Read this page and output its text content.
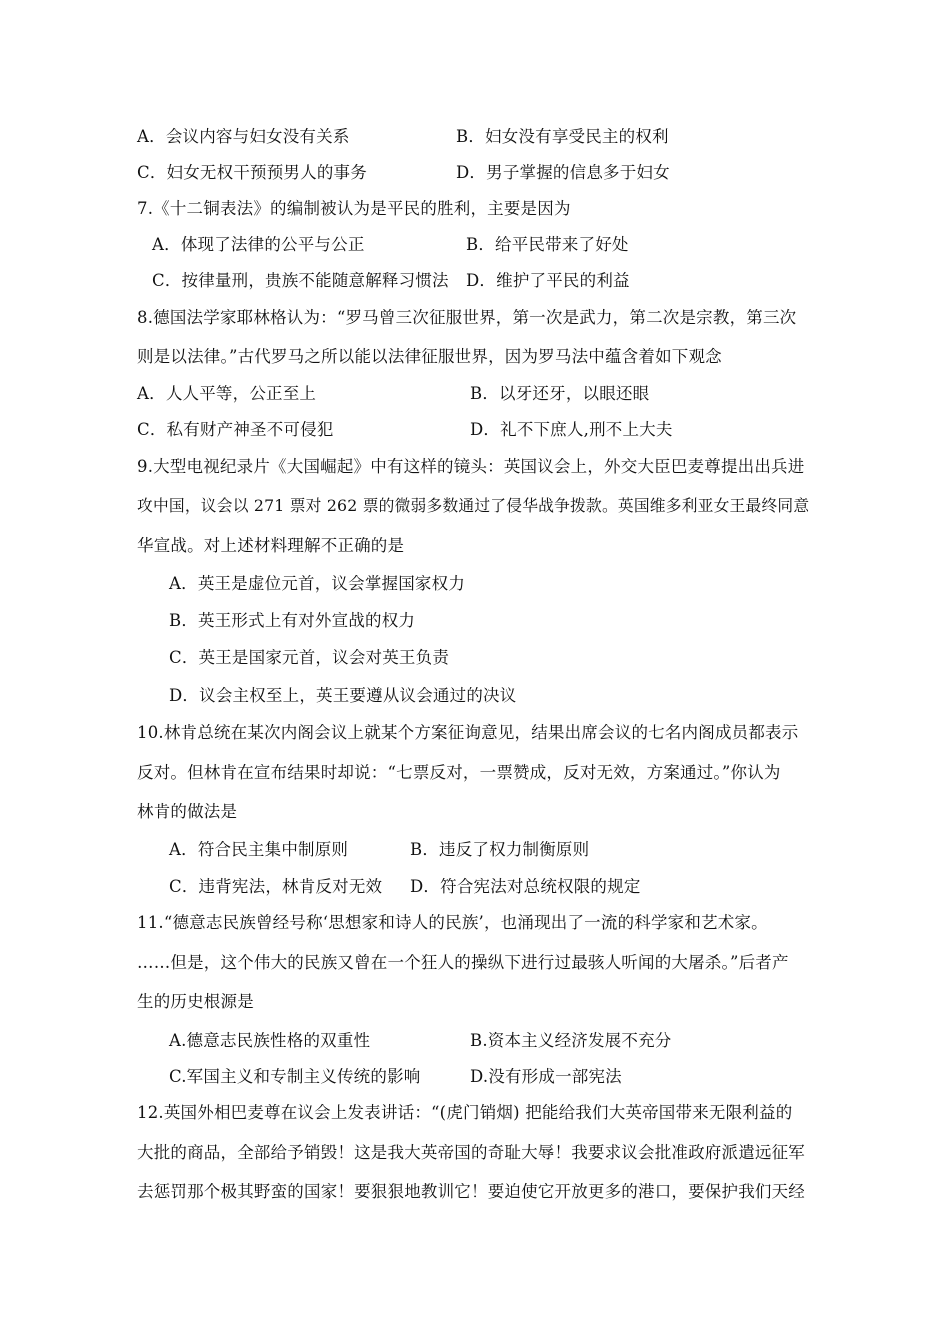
A．会议内容与妇女没有关系	B．妇女没有享受民主的权利
C．妇女无权干预预男人的事务	D．男子掌握的信息多于妇女
7.《十二铜表法》的编制被认为是平民的胜利，主要是因为
A．体现了法律的公平与公正	B．给平民带来了好处
C．按律量刑，贵族不能随意解释习惯法 D．维护了平民的利益
8.德国法学家耶林格认为：“罗马曾三次征服世界，第一次是武力，第二次是宗教，第三次
则是以法律。”古代罗马之所以能以法律征服世界，因为罗马法中蕴含着如下观念
A．人人平等，公正至上	B．以牙还牙，以眼还眼
C．私有财产神圣不可侵犯	D．礼不下庶人,刑不上大夫
9.大型电视纪录片《大国崛起》中有这样的镜头：英国议会上，外交大臣巴麦尊提出出兵进
攻中国，议会以 271 票对 262 票的微弱多数通过了侵华战争拨款。英国维多利亚女王最终同意
华宣战。对上述材料理解不正确的是
A．英王是虚位元首，议会掌握国家权力
B．英王形式上有对外宣战的权力
C．英王是国家元首，议会对英王负责
D．议会主权至上，英王要遵从议会通过的决议
10.林肯总统在某次内阁会议上就某个方案征询意见，结果出席会议的七名内阁成员都表示
反对。但林肯在宣布结果时却说：“七票反对，一票赞成，反对无效，方案通过。”你认为
林肯的做法是
A．符合民主集中制原则	B．违反了权力制衡原则
C．违背宪法，林肯反对无效 D．符合宪法对总统权限的规定
11.“德意志民族曾经号称‘思想家和诗人的民族’，也涌现出了一流的科学家和艺术家。
……但是，这个伟大的民族又曾在一个狂人的操纵下进行过最骇人听闻的大屠杀。”后者产
生的历史根源是
A.德意志民族性格的双重性	B.资本主义经济发展不充分
C.军国主义和专制主义传统的影响	D.没有形成一部宪法
12.英国外相巴麦尊在议会上发表讲话：“(虎门销烟) 把能给我们大英帝国带来无限利益的
大批的商品，全部给予销毁！这是我大英帝国的奇耻大辱！我要求议会批准政府派遣远征军
去惩罚那个极其野蛮的国家！要狠狠地教训它！要迫使它开放更多的港口，要保护我们天经
